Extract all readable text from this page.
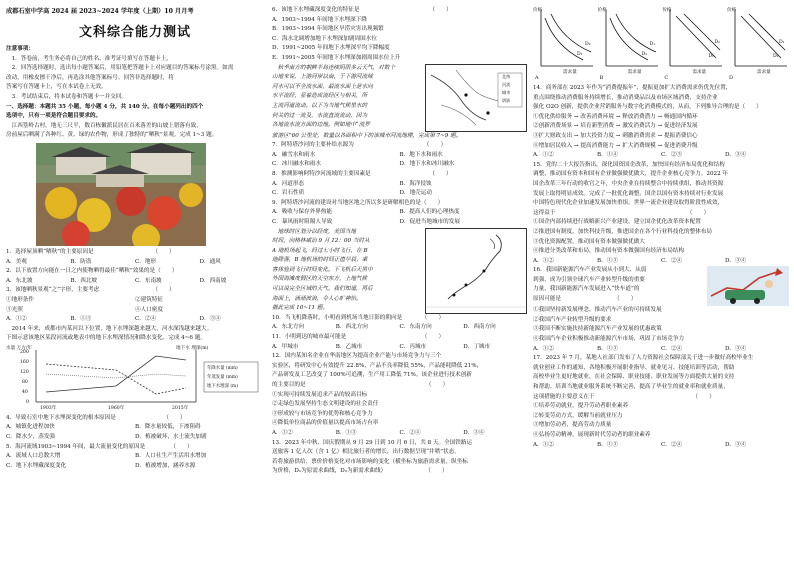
成都石室中学高 2024 届 2023~2024 学年度（上期）10 月月考
文科综合能力测试
注意事项：
　1．答卷前，考生务必将自己的姓名、准考证号填写在答题卡上。
　2．回答选择题时，选出每小题答案后，用铅笔把答题卡上对应题目的答案标号涂黑。如需
改动，用橡皮擦干净后，再选涂其他答案标号。回答非选择题时，将
答案写在答题卡上，写在本试卷上无效。
　3．考试结束后，将本试卷和答题卡一并交回。
一、选择题：本题共 35 小题，每小题 4 分，共 140 分。在每小题列出的四个
选项中，只有一项是符合题目要求的。
　江西篁岭古村，地无三尺平，数百栋徽派民居在百米落差的山坡上错落有致，
房前屋后晒满了各种红、黄、绿的农作物，形成了独特的“晒秋”景观。完成 1~3 题。
1．选择屋顶晒“晒秋”的主要原因是　　　　　　　　　　　（　　）
A．美观	B．防盗	C．地形	D．通风
2．以下放置方向能在一日之内使物晒得最佳“晒秋”效果的是（　　）
A．东北坡	B．西北坡	C．东南坡	D．西南坡
3．该地晒秋景观“之”字形，主要考虑　　　　　　　　　　（　　）
①地形条件	②建筑特征
③光照	④人口密度
A．①②	B．①③	C．②④	D．③④
　2014 年来，成都市内某河以下位置，地下水埋深越来越大，河水深浅越来越大。
下图示意该地区某段河流或地表中的地下水埋深情况和降水变化。完成 4~6 题。
水量 万方/年	地下水 埋深(m)
200
160
120
80
40
0
1903年	1960年	2015年
年降水量 (mm)
年蒸发量 (mm)
地下水埋深 (m)
4．导致石室中地下水埋深变化的根本原因是　　　　　　　　　（　　）
A．城镇化进程加快	B．降水量较低，下渗阻碍
C．降水少，蒸发强	D．植被破坏，水土流失加剧
5．海河流域1903~1994 年间，最大流量变化的原因是　　　　　（　　）
A．流域人口总数大增	B．人口社生产生活用水增加
C．地下水埋藏深度变化	D．植被增加，涵养水源
6．该地下水埋藏深度变化的特征是　　　　　　　　　　　　　（　　）
A．1903~1994 年间地下水埋深下降
B．1903~1994 年间地区旱涝灾害出现频繁
C．海水北调增加地下水埋深加剧周围水位
D．1991~2005 年间地下水埋深平均下降幅度
E．1991~2005 年间地下水埋深加剧周围水位上升
　秋季南方的朝鲜半岛连续阴雨多云天气，对数个
山地来说，上游河岸以南，于下游河流域
河水可以不全流水面，最流水面上是水向
水平流经，显着造成流经区与相关，所
主流河道流动。以下为当地气候里水的
何关的过一流及，水流直流流动，因为
各地流水流方面的边地。例如地中“流罗
北纬
河流
城市
阴影
旅游区”60 公里处，数量以各面积中下的该城市河流地理，完成第 7~9 题。
7．阿特塔沙河的主要补给水源为　　　　　　　　　　　　　（　　）
A．融雪水和雨水	B．地下水和雨水
C．冰川融水和雨水	D．地下水和冰川融水
8．推测影响阿特沙河流域的主要因素是　　　　　　　　　　　（　　）
A．河道形态	B．海洋侵蚀
C．岩石性质	D．地壳运动
9．阿特塔沙河流的建设对当地区地之所以多是研解相色的是（　　）
A．吸收与保存外界热能	B．提高人们的心理热度
C．暴风雨时阻隔人导致	D．促进当地城市的发展
　地球时区划分以经度，美国当地
时间，向格林威治 9 月 12：00 当时从
A 地机场起飞，经过七小时飞行，在 B
地降落，B 地机场的时间正值早晨，乘
客体验到飞行时间变化。下飞机后天黑中
外国海滩度假区的天空东方，上地气候
可以说完全区域的天气。我们知道，再后
海面上，涌涌波浪，令人心旷神怡。
据此完成 10~11 题。
10．当飞机降落时，小明看到机场当地日影的朝向是　　　　（　　）
A．东北方向	B．西北方向	C．东南方向	D．西南方向
11．小明到达的城市最可能是　　　　　　　　　　　　　　（　　）
A．甲城市	B．乙城市	C．丙城市	D．丁城市
12．国内某知名企业在华南地区为提高企业产能与市场竞争力与三个
实验区，将研发中心有效提升 22.8%，产品不良率降低 55%，产品能耗降低 21%，
产品研发及工艺改变了 100%可追溯，生产用工降低 71%。该企业进行技术创新
的主要目的是　　　　　　　　　　　　　　　　　　　　　　（　　）
①实现可持续发展追求产品的较高目标
②走绿色发展坚持生态文明建设的社会责任
③形成较与市场竞争的优势和核心竞争力
④降低单位商品的价值量以提高市场占有率
A．①②	B．①③	C．②④	D．③④
13．2023 年中秋、国庆假期从 9 月 29 日到 10 月 6 日，共 8 天。全国铁路运
送旅客 1 亿人次（含 1 亿）相比旅行者的增长，出行数据呈现“井喷”状态，
若将旅游供给、票价价格变化对市场影响的变化（横坐标为旅游需求量，纵坐标
为价格，D₁为原需求曲线，D₂为新需求曲线）　　　　　　　　（　　）
价格
需求量
D₁
D₂
A
价格
需求量
D₂
D₁
B
价格
需求量
D₁
D₂
C
价格
需求量
D₂
D₁
D
14．商务部在 2023 年作为“消费提振年”，提振更加扩大消费需求仍优先位置，
重点围绕推动消费服务持续增长，推动消费品以及市场区域消费，支持企业
强化 O2O 创新，提供企业营销服务与数字化消费模式的，从而，下列推导合理的是（　　）
①优化供给服务 → 改善消费环境 → 释放消费潜力 → 畅通国内循环
②创新消费场景 → 培育新型消费 → 激发消费活力 → 促进经济发展
③扩大财政支出 → 加大投资力度 → 刺激消费需求 → 提振消费信心
④增加居民收入 → 提高消费能力 → 扩大消费规模 → 促进消费升级
A．①②	B．①④	C．②③	D．③④
15．党的二十大报告指出，深化国资国企改革，加快国有经济布局优化和结构
调整，推动国有资本和国有企业做强做优做大，提升企业核心竞争力。2022 年
国企改革三年行动的收官之年，中央企业在持续整合中持续重组，推动其资源
发展上取得明显成效。完成了一批优化调整，国企以国有资本持续对行业发展
中国特色现代化企业加速发展加快重组，世界一流企业建设取得阶段性成效，
这得益于　　　　　　　　　　　　　　　　　　　　　　　　（　　）
①国企内部持续进行战略新兴产业建设，建立国企优化改革资本配置
②推进国有制度，加快科技升级，推进国企在各个行业科技化的整体布局
③优化资源配置，推动国有资本做强做优做大
④推进分类改革和布局，推动国有资本做强国有经济布局结构
A．①②	B．①③	C．②④	D．③④
16．我国新能源汽车产业发展从小到大、从弱
到强，成为引领全球汽车产业转型升级的重要
力量，我国新能源汽车发展进入“快车道”的
原因可能是　　　　　　　　　　（　　）
①我国坚持新发展理念，推动汽车产业的可持续发展
②我国汽车产业转型升级的要求
③我国不断实施扶持新能源汽车产业发展的优惠政策
④我国汽车企业积极推动新能源汽车市场，巩固了市场竞争力
A．①②	B．①③	C．②④	D．③④
17．2023 年 7 月，某地人社部门发布了人力资源社会保障部关于进一步做好高校毕业生
就业创业工作的通知，各地积极开展职业指导、就业见习、技能培训等活动，帮助
高校毕业生更好地就业，在社会保障、职业技能、职业发展等方面提供大量的支持
和帮助。培训当地就业服务系统不断完善，提高了毕业生的就业率和就业质量，
这项措施的主要意义在于　　　　　　　　　　　　　　　　　　（　　）
①培养劳动就业，提升劳动者职业素养
②转变劳动方式，缓解当前就业压力
③增加劳动者，提高劳动力质量
④弘扬劳动精神，展现新时代劳动者的职业素养
A．①②	B．①③	C．②④	D．③④
